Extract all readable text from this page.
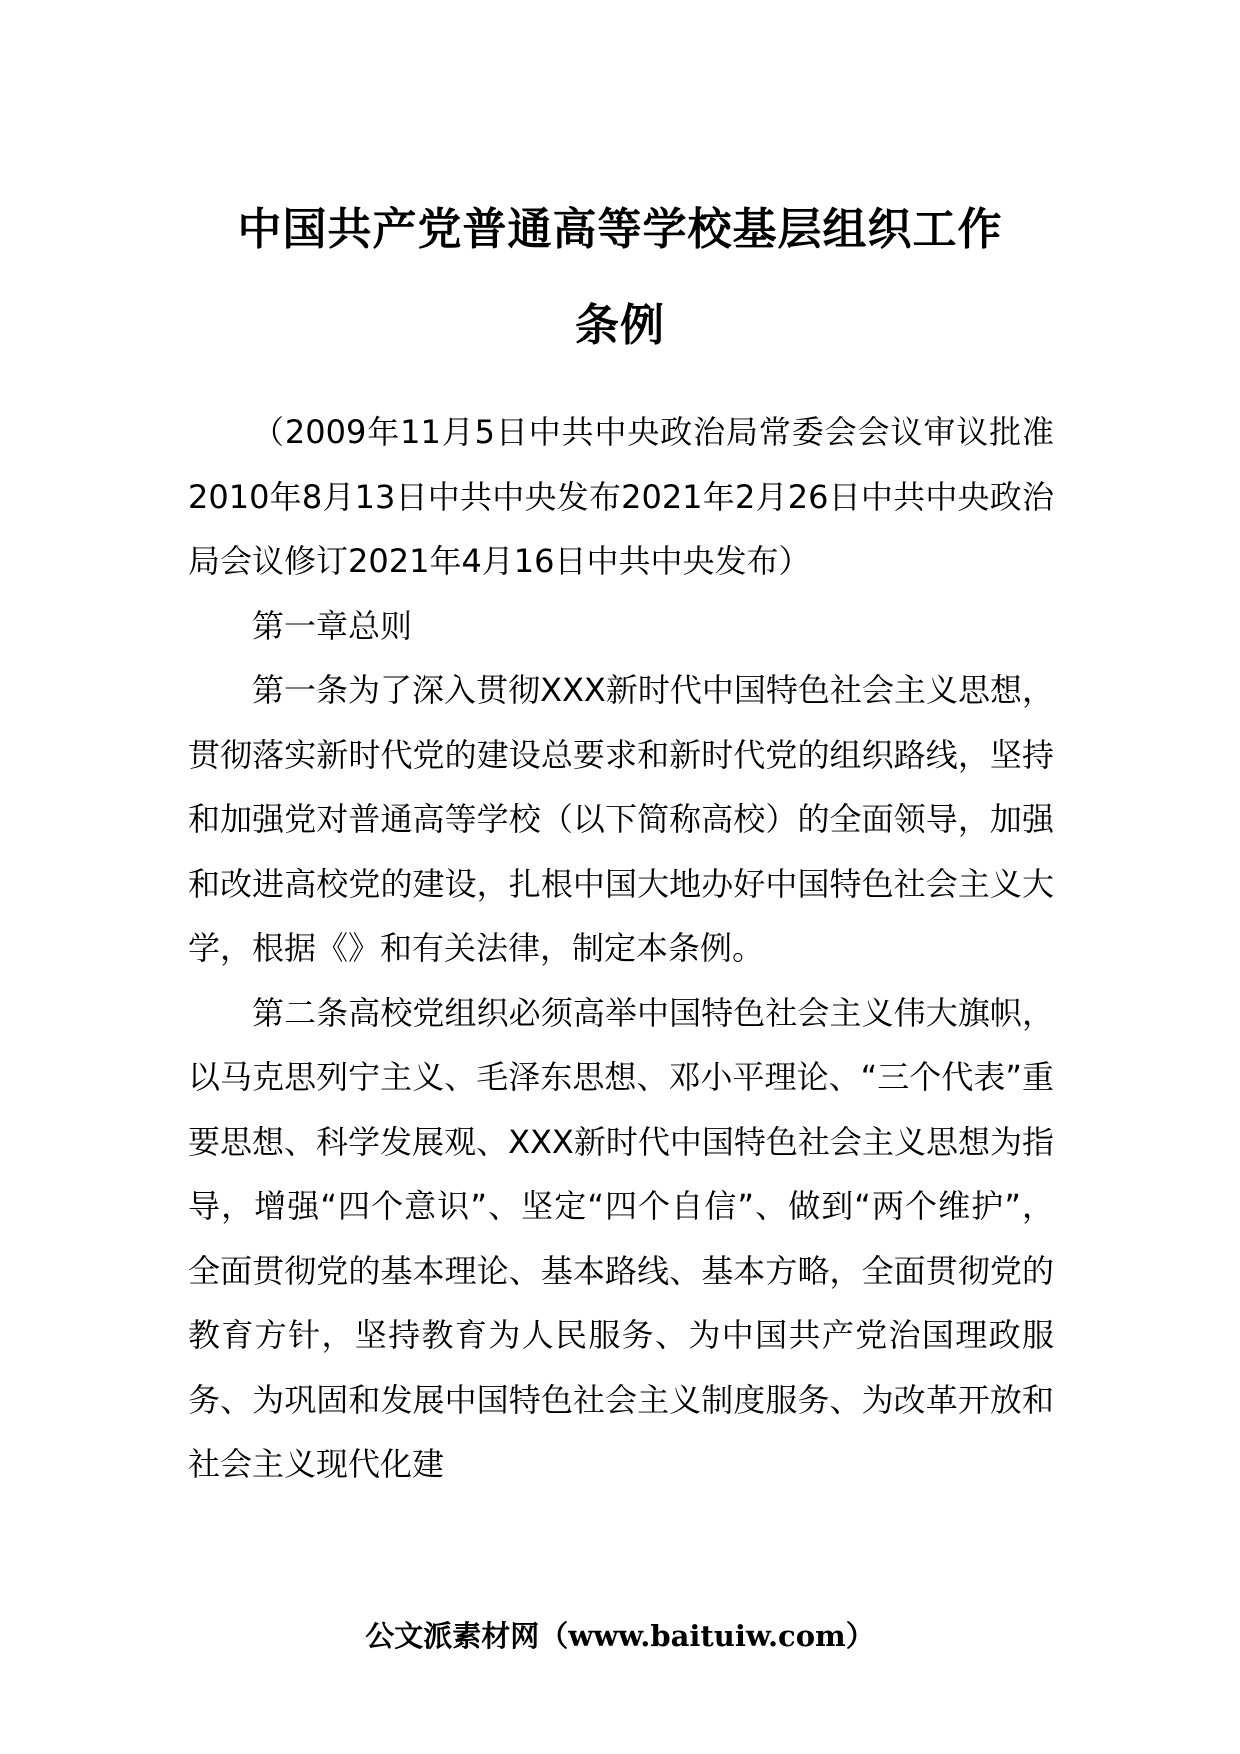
中国共产党普通高等学校基层组织工作
条例

（2009年11月5日中共中央政治局常委会会议审议批准2010年8月13日中共中央发布2021年2月26日中共中央政治局会议修订2021年4月16日中共中央发布）

第一章总则

第一条为了深入贯彻XXX新时代中国特色社会主义思想，贯彻落实新时代党的建设总要求和新时代党的组织路线，坚持和加强党对普通高等学校（以下简称高校）的全面领导，加强和改进高校党的建设，扎根中国大地办好中国特色社会主义大学，根据《》和有关法律，制定本条例。

第二条高校党组织必须高举中国特色社会主义伟大旗帜，以马克思列宁主义、毛泽东思想、邓小平理论、“三个代表”重要思想、科学发展观、XXX新时代中国特色社会主义思想为指导，增强“四个意识”、坚定“四个自信”、做到“两个维护”，全面贯彻党的基本理论、基本路线、基本方略，全面贯彻党的教育方针，坚持教育为人民服务、为中国共产党治国理政服务、为巩固和发展中国特色社会主义制度服务、为改革开放和社会主义现代化建

公文派素材网（www.baituiw.com）
